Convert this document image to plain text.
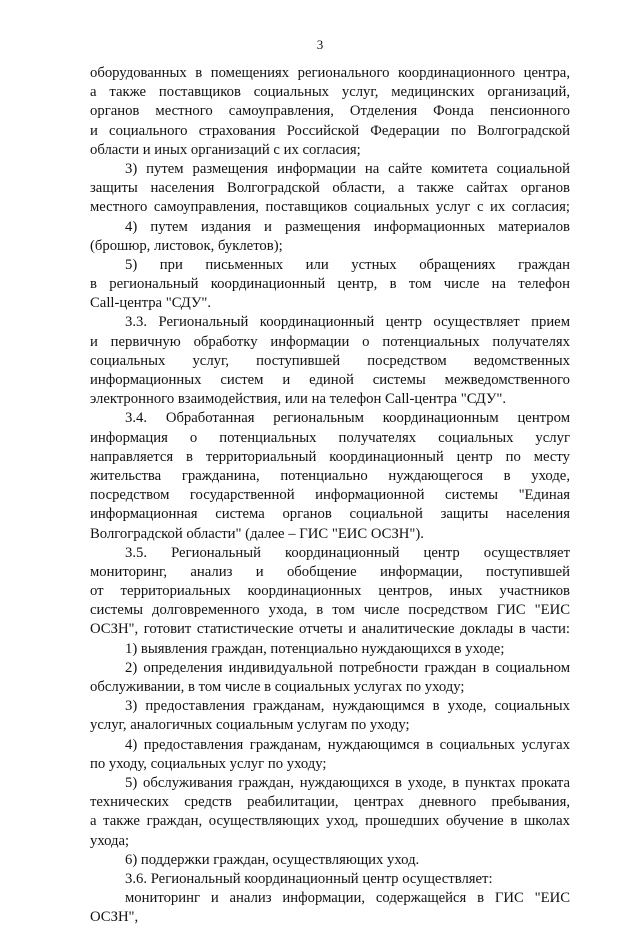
3
оборудованных в помещениях регионального координационного центра,
а также поставщиков социальных услуг, медицинских организаций,
органов местного самоуправления, Отделения Фонда пенсионного
и социального страхования Российской Федерации по Волгоградской
области и иных организаций с их согласия;
3) путем размещения информации на сайте комитета социальной
защиты населения Волгоградской области, а также сайтах органов
местного самоуправления, поставщиков социальных услуг с их согласия;
4) путем издания и размещения информационных материалов
(брошюр, листовок, буклетов);
5) при письменных или устных обращениях граждан
в региональный координационный центр, в том числе на телефон
Call-центра "СДУ".
3.3. Региональный координационный центр осуществляет прием
и первичную обработку информации о потенциальных получателях
социальных услуг, поступившей посредством ведомственных
информационных систем и единой системы межведомственного
электронного взаимодействия, или на телефон Call-центра "СДУ".
3.4. Обработанная региональным координационным центром
информация о потенциальных получателях социальных услуг
направляется в территориальный координационный центр по месту
жительства гражданина, потенциально нуждающегося в уходе,
посредством государственной информационной системы "Единая
информационная система органов социальной защиты населения
Волгоградской области" (далее – ГИС "ЕИС ОСЗН").
3.5. Региональный координационный центр осуществляет
мониторинг, анализ и обобщение информации, поступившей
от территориальных координационных центров, иных участников
системы долговременного ухода, в том числе посредством ГИС "ЕИС
ОСЗН", готовит статистические отчеты и аналитические доклады в части:
1) выявления граждан, потенциально нуждающихся в уходе;
2) определения индивидуальной потребности граждан в социальном
обслуживании, в том числе в социальных услугах по уходу;
3) предоставления гражданам, нуждающимся в уходе, социальных
услуг, аналогичных социальным услугам по уходу;
4) предоставления гражданам, нуждающимся в социальных услугах
по уходу, социальных услуг по уходу;
5) обслуживания граждан, нуждающихся в уходе, в пунктах проката
технических средств реабилитации, центрах дневного пребывания,
а также граждан, осуществляющих уход, прошедших обучение в школах
ухода;
6) поддержки граждан, осуществляющих уход.
3.6. Региональный координационный центр осуществляет:
мониторинг и анализ информации, содержащейся в ГИС "ЕИС
ОСЗН",
